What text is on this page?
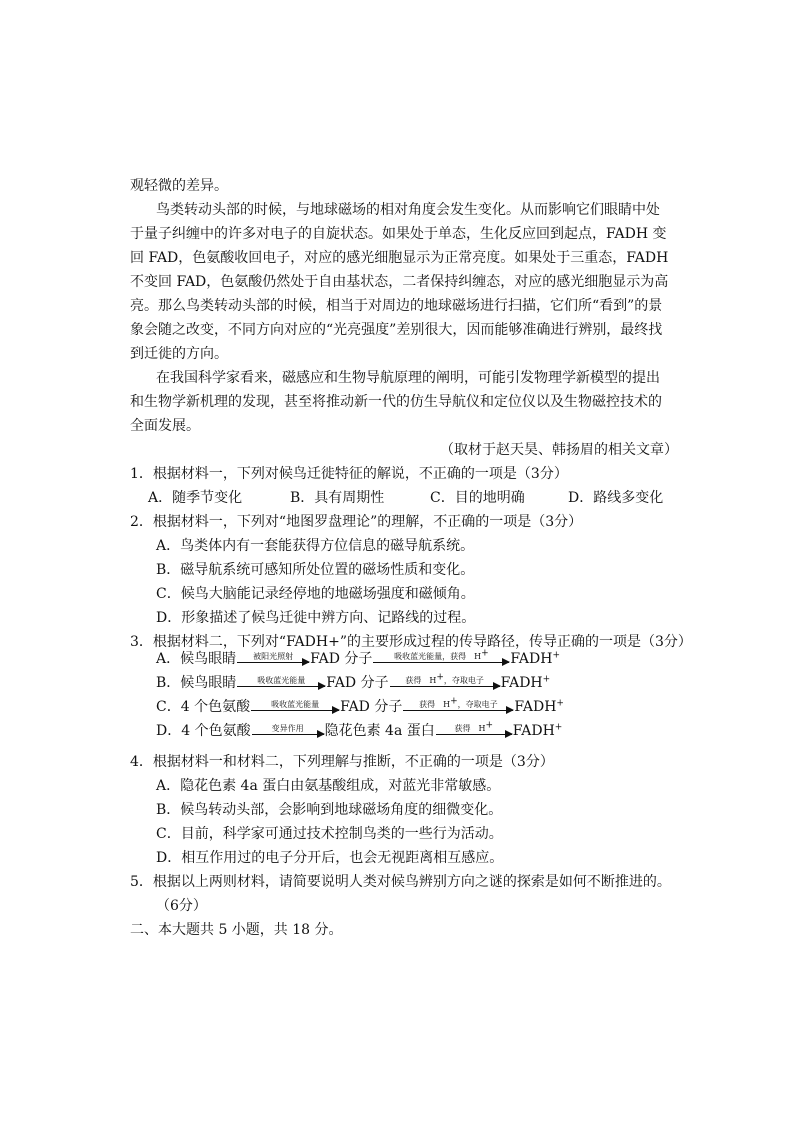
观轻微的差异。
鸟类转动头部的时候，与地球磁场的相对角度会发生变化。从而影响它们眼睛中处
于量子纠缠中的许多对电子的自旋状态。如果处于单态，生化反应回到起点，FADH 变
回 FAD，色氨酸收回电子，对应的感光细胞显示为正常亮度。如果处于三重态，FADH
不变回 FAD，色氨酸仍然处于自由基状态，二者保持纠缠态，对应的感光细胞显示为高
亮。那么鸟类转动头部的时候，相当于对周边的地球磁场进行扫描，它们所“看到”的景
象会随之改变，不同方向对应的“光亮强度”差别很大，因而能够准确进行辨别，最终找
到迁徙的方向。
在我国科学家看来，磁感应和生物导航原理的阐明，可能引发物理学新模型的提出
和生物学新机理的发现，甚至将推动新一代的仿生导航仪和定位仪以及生物磁控技术的
全面发展。
（取材于赵天昊、韩扬眉的相关文章）
1．根据材料一，下列对候鸟迁徙特征的解说，不正确的一项是（3分）
A．随季节变化	B．具有周期性	C．目的地明确	D．路线多变化
2．根据材料一，下列对“地图罗盘理论”的理解，不正确的一项是（3分）
A．鸟类体内有一套能获得方位信息的磁导航系统。
B．磁导航系统可感知所处位置的磁场性质和变化。
C．候鸟大脑能记录经停地的地磁场强度和磁倾角。
D．形象描述了候鸟迁徙中辨方向、记路线的过程。
3．根据材料二，下列对“FADH+”的主要形成过程的传导路径，传导正确的一项是（3分）
A．候鸟眼睛	被阳光照射 FAD 分子	吸收蓝光能量，获得　H+ FADH+
B．候鸟眼睛	吸收蓝光能量 FAD 分子	获得　H+，夺取电子 FADH+
C．4 个色氨酸	吸收蓝光能量 FAD 分子	获得　H+，夺取电子 FADH+
D．4 个色氨酸	变异作用 隐花色素 4a 蛋白	获得　H+ FADH+
4．根据材料一和材料二，下列理解与推断，不正确的一项是（3分）
A．隐花色素 4a 蛋白由氨基酸组成，对蓝光非常敏感。
B．候鸟转动头部，会影响到地球磁场角度的细微变化。
C．目前，科学家可通过技术控制鸟类的一些行为活动。
D．相互作用过的电子分开后，也会无视距离相互感应。
5．根据以上两则材料，请简要说明人类对候鸟辨别方向之谜的探索是如何不断推进的。
（6分）
二、本大题共 5 小题，共 18 分。
